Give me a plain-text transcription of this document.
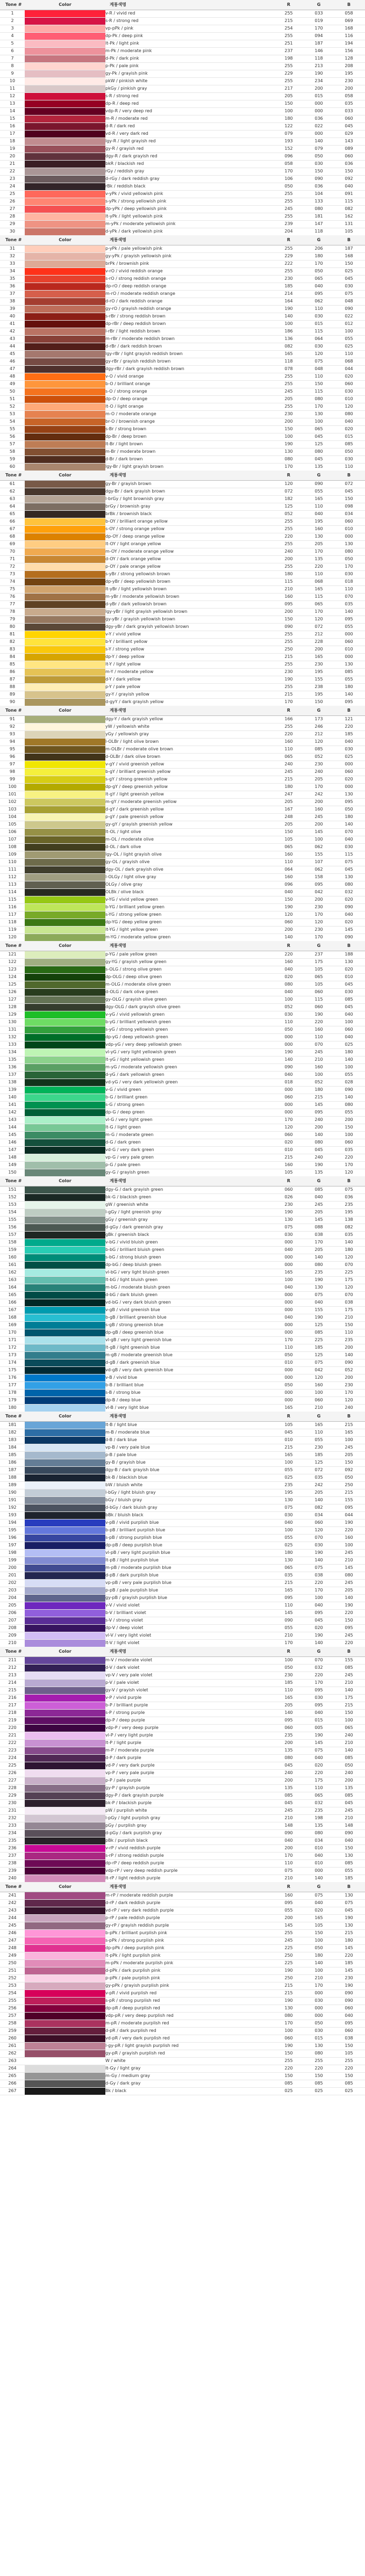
Tone #	Color	계통색명	R	G	B	
1		v-R / vivid red	255	033	058	
2		s-R / strong red	215	019	069	
3		vp-pPk / pink	254	170	168	
4		dp-Pk / deep pink	255	094	116	
5		lt-Pk / light pink	251	187	194	
6		m-Pk / moderate pink	237	146	156	
7		d-Pk / dark pink	198	118	128	
8		p-Pk / pale pink	255	213	208	
9		gy-Pk / grayish pink	229	190	195	
10		pkW / pinkish white	255	234	230	
11		pkGy / pinkish gray	217	200	200	
12		s-R / strong red	205	015	058	
13		dp-R / deep red	150	000	035	
14		vdp-R / very deep red	100	000	033	
15		m-R / moderate red	180	036	060	
16		d-R / dark red	122	022	045	
17		vd-R / very dark red	079	000	029	
18		lgy-R / light grayish red	193	140	143	
19		gy-R / grayish red	152	079	089	
20		dgy-R / dark grayish red	096	050	060	
21		bkR / blackish red	058	030	036	
22		rGy / reddish gray	170	150	150	
23		d-rGy / dark reddish gray	106	090	092	
24		rBk / reddish black	050	036	040	
25		v-yPk / vivid yellowish pink	255	104	091	
26		s-yPk / strong yellowish pink	255	133	115	
27		dp-yPk / deep yellowish pink	245	080	082	
28		lt-yPk / light yellowish pink	255	181	162	
29		m-yPk / moderate yellowish pink	239	147	131	
30		d-yPk / dark yellowish pink	204	118	105	
Tone #	Color	계통색명	R	G	B	
31		p-yPk / pale yellowish pink	255	206	187	
32		gy-yPk / grayish yellowish pink	229	180	168	
33		brPk / brownish pink	222	170	150	
34		v-rO / vivid reddish orange	255	050	025	
35		s-rO / strong reddish orange	230	065	045	
36		dp-rO / deep reddish orange	185	040	030	
37		m-rO / moderate reddish orange	214	095	075	
38		d-rO / dark reddish orange	164	062	048	
39		gy-rO / grayish reddish orange	190	110	090	
40		s-rBr / strong reddish brown	140	030	022	
41		dp-rBr / deep reddish brown	100	015	012	
42		l-rBr / light reddish brown	186	115	100	
43		m-rBr / moderate reddish brown	136	064	055	
44		d-rBr / dark reddish brown	082	030	025	
45		lgy-rBr / light grayish reddish brown	165	120	110	
46		gy-rBr / grayish reddish brown	118	075	068	
47		dgy-rBr / dark grayish reddish brown	078	048	044	
48		v-O / vivid orange	255	110	020	
49		b-O / brilliant orange	255	150	060	
50		s-O / strong orange	245	115	030	
51		dp-O / deep orange	205	080	010	
52		lt-O / light orange	255	170	120	
53		m-O / moderate orange	230	130	080	
54		br-O / brownish orange	200	100	040	
55		s-Br / strong brown	150	065	020	
56		dp-Br / deep brown	100	045	015	
57		lt-Br / light brown	190	125	085	
58		m-Br / moderate brown	130	080	050	
59		d-Br / dark brown	080	045	030	
60		lgy-Br / light grayish brown	170	135	110	
Tone #	Color	계통색명	R	G	B	
61		gy-Br / grayish brown	120	090	072	
62		dgy-Br / dark grayish brown	072	055	045	
63		l-brGy / light brownish gray	182	165	150	
64		brGy / brownish gray	125	110	098	
65		brBk / brownish black	052	040	034	
66		b-OY / brilliant orange yellow	255	195	060	
67		s-OY / strong orange yellow	255	160	010	
68		dp-OY / deep orange yellow	220	130	000	
69		lt-OY / light orange yellow	255	205	130	
70		m-OY / moderate orange yellow	240	170	080	
71		d-OY / dark orange yellow	200	135	050	
72		p-OY / pale orange yellow	255	220	170	
73		s-yBr / strong yellowish brown	180	110	030	
74		dp-yBr / deep yellowish brown	115	068	018	
75		lt-yBr / light yellowish brown	210	165	110	
76		m-yBr / moderate yellowish brown	160	115	070	
77		d-yBr / dark yellowish brown	095	065	035	
78		lgy-yBr / light grayish yellowish brown	200	170	140	
79		gy-yBr / grayish yellowish brown	150	120	095	
80		dgy-yBr / dark grayish yellowish brown	090	072	055	
81		v-Y / vivid yellow	255	212	000	
82		b-Y / brilliant yellow	255	228	060	
83		s-Y / strong yellow	250	200	010	
84		dp-Y / deep yellow	215	165	000	
85		lt-Y / light yellow	255	230	130	
86		m-Y / moderate yellow	230	195	085	
87		d-Y / dark yellow	190	155	055	
88		p-Y / pale yellow	255	238	180	
89		gy-Y / grayish yellow	215	195	140	
90		d-gyY / dark grayish yellow	170	150	095	
Tone #	Color	계통색명	R	G	B	
91		dgy-Y / dark grayish yellow	166	173	121	
92		yW / yellowish white	255	246	220	
93		yGy / yellowish gray	220	212	185	
94		l-OLBr / light olive brown	160	120	040	
95		m-OLBr / moderate olive brown	110	085	030	
96		d-OLBr / dark olive brown	065	052	025	
97		v-gY / vivid greenish yellow	240	230	000	
98		b-gY / brilliant greenish yellow	245	240	060	
99		s-gY / strong greenish yellow	215	205	020	
100		dp-gY / deep greenish yellow	180	170	000	
101		lt-gY / light greenish yellow	247	242	130	
102		m-gY / moderate greenish yellow	205	200	095	
103		d-gY / dark greenish yellow	167	160	050	
104		p-gY / pale greenish yellow	248	245	180	
105		gy-gY / grayish greenish yellow	205	200	140	
106		lt-OL / light olive	150	145	070	
107		m-OL / moderate olive	105	100	040	
108		d-OL / dark olive	065	062	030	
109		lgy-OL / light grayish olive	160	155	115	
110		gy-OL / grayish olive	110	107	075	
111		dgy-OL / dark grayish olive	064	062	045	
112		l-OLGy / light olive gray	160	158	130	
113		OLGy / olive gray	096	095	080	
114		OLBk / olive black	040	042	032	
115		v-YG / vivid yellow green	150	200	020	
116		b-YG / brilliant yellow green	190	230	090	
117		s-YG / strong yellow green	120	170	040	
118		dp-YG / deep yellow green	060	120	020	
119		lt-YG / light yellow green	200	230	145	
120		m-YG / moderate yellow green	140	170	090	
Tone #	Color	계통색명	R	G	B	
121		p-YG / pale yellow green	220	237	188	
122		gy-YG / grayish yellow green	160	175	130	
123		s-OLG / strong olive green	040	105	020	
124		dp-OLG / deep olive green	020	065	010	
125		m-OLG / moderate olive green	080	105	045	
126		d-OLG / dark olive green	040	060	030	
127		gy-OLG / grayish olive green	100	115	085	
128		dgy-OLG / dark grayish olive green	052	060	045	
129		v-yG / vivid yellowish green	030	190	040	
130		b-yG / brilliant yellowish green	110	220	100	
131		s-yG / strong yellowish green	050	160	060	
132		dp-yG / deep yellowish green	000	110	040	
133		vdp-yG / very deep yellowish green	000	070	025	
134		vl-yG / very light yellowish green	190	245	180	
135		lt-yG / light yellowish green	140	210	140	
136		m-yG / moderate yellowish green	090	160	100	
137		d-yG / dark yellowish green	040	100	055	
138		vd-yG / very dark yellowish green	018	052	028	
139		v-G / vivid green	000	180	090	
140		b-G / brilliant green	060	215	140	
141		s-G / strong green	000	145	080	
142		dp-G / deep green	000	095	055	
143		vl-G / very light green	170	240	200	
144		lt-G / light green	120	200	150	
145		m-G / moderate green	060	140	100	
146		d-G / dark green	020	080	060	
147		vd-G / very dark green	010	045	035	
148		vp-G / very pale green	215	240	220	
149		p-G / pale green	160	190	170	
150		gy-G / grayish green	105	135	120	
Tone #	Color	계통색명	R	G	B	
151		dgy-G / dark grayish green	060	085	075	
152		bk-G / blackish green	026	040	036	
153		gW / greenish white	230	245	235	
154		l-gGy / light greenish gray	190	205	195	
155		gGy / greenish gray	130	145	138	
156		d-gGy / dark greenish gray	075	088	082	
157		gBk / greenish black	030	038	035	
158		v-bG / vivid bluish green	000	170	140	
159		b-bG / brilliant bluish green	040	205	180	
160		s-bG / strong bluish green	000	140	120	
161		dp-bG / deep bluish green	000	080	070	
162		vl-bG / very light bluish green	165	235	225	
163		lt-bG / light bluish green	100	190	175	
164		m-bG / moderate bluish green	040	130	120	
165		d-bG / dark bluish green	000	075	070	
166		vd-bG / very dark bluish green	000	040	038	
167		v-gB / vivid greenish blue	000	155	175	
168		b-gB / brilliant greenish blue	040	190	210	
169		s-gB / strong greenish blue	000	125	150	
170		dp-gB / deep greenish blue	000	085	110	
171		vl-gB / very light greenish blue	170	225	235	
172		lt-gB / light greenish blue	110	185	200	
173		m-gB / moderate greenish blue	050	125	140	
174		d-gB / dark greenish blue	010	075	090	
175		vd-gB / very dark greenish blue	000	042	052	
176		v-B / vivid blue	000	120	200	
177		b-B / brilliant blue	050	160	230	
178		s-B / strong blue	000	100	170	
179		dp-B / deep blue	000	060	120	
180		vl-B / very light blue	165	210	240	
Tone #	Color	계통색명	R	G	B	
181		lt-B / light blue	105	165	215	
182		m-B / moderate blue	045	110	165	
183		d-B / dark blue	010	055	100	
184		vp-B / very pale blue	215	230	245	
185		p-B / pale blue	165	185	205	
186		gy-B / grayish blue	100	125	150	
187		dgy-B / dark grayish blue	055	072	092	
188		bk-B / blackish blue	025	035	050	
189		bW / bluish white	235	242	250	
190		l-bGy / light bluish gray	195	205	215	
191		bGy / bluish gray	130	140	155	
192		d-bGy / dark bluish gray	075	082	095	
193		bBk / bluish black	030	034	044	
194		v-pB / vivid purplish blue	040	060	190	
195		b-pB / brilliant purplish blue	100	120	220	
196		s-pB / strong purplish blue	055	070	160	
197		dp-pB / deep purplish blue	025	030	100	
198		vl-pB / very light purplish blue	180	190	245	
199		lt-pB / light purplish blue	130	140	210	
200		m-pB / moderate purplish blue	065	075	145	
201		d-pB / dark purplish blue	035	038	080	
202		vp-pB / very pale purplish blue	215	220	245	
203		p-pB / pale purplish blue	165	170	205	
204		gy-pB / grayish purplish blue	095	100	140	
205		v-V / vivid violet	110	040	190	
206		b-V / brilliant violet	145	095	220	
207		s-V / strong violet	090	045	150	
208		dp-V / deep violet	055	020	095	
209		vl-V / very light violet	210	190	245	
210		lt-V / light violet	170	140	220	
Tone #	Color	계통색명	R	G	B	
211		m-V / moderate violet	100	070	155	
212		d-V / dark violet	050	032	085	
213		vp-V / very pale violet	230	220	245	
214		p-V / pale violet	185	170	210	
215		gy-V / grayish violet	110	095	140	
216		v-P / vivid purple	165	030	175	
217		b-P / brilliant purple	205	095	215	
218		s-P / strong purple	140	040	150	
219		dp-P / deep purple	095	015	100	
220		vdp-P / very deep purple	060	005	065	
221		vl-P / very light purple	235	190	240	
222		lt-P / light purple	200	145	210	
223		m-P / moderate purple	135	075	140	
224		d-P / dark purple	080	040	085	
225		vd-P / very dark purple	045	020	050	
226		vp-P / very pale purple	240	220	240	
227		p-P / pale purple	200	175	200	
228		gy-P / grayish purple	135	110	135	
229		dgy-P / dark grayish purple	085	065	085	
230		bk-P / blackish purple	045	032	045	
231		pW / purplish white	245	235	245	
232		l-pGy / light purplish gray	210	198	210	
233		pGy / purplish gray	148	135	148	
234		d-pGy / dark purplish gray	090	080	090	
235		pBk / purplish black	040	034	040	
236		v-rP / vivid reddish purple	200	010	150	
237		s-rP / strong reddish purple	170	040	130	
238		dp-rP / deep reddish purple	110	010	085	
239		vdp-rP / very deep reddish purple	075	000	055	
240		lt-rP / light reddish purple	210	140	185	
Tone #	Color	계통색명	R	G	B	
241		m-rP / moderate reddish purple	160	075	130	
242		d-rP / dark reddish purple	095	040	075	
243		vd-rP / very dark reddish purple	055	020	045	
244		p-rP / pale reddish purple	200	165	190	
245		gy-rP / grayish reddish purple	145	105	130	
246		b-pPk / brilliant purplish pink	255	150	215	
247		s-pPk / strong purplish pink	245	100	180	
248		dp-pPk / deep purplish pink	225	050	145	
249		lt-pPk / light purplish pink	250	180	220	
250		m-pPk / moderate purplish pink	225	140	185	
251		d-pPk / dark purplish pink	190	100	145	
252		p-pPk / pale purplish pink	250	210	230	
253		gy-pPk / grayish purplish pink	215	170	190	
254		v-pR / vivid purplish red	215	000	090	
255		s-pR / strong purplish red	190	030	090	
256		dp-pR / deep purplish red	130	000	060	
257		vdp-pR / very deep purplish red	080	000	040	
258		m-pR / moderate purplish red	170	050	095	
259		d-pR / dark purplish red	100	030	060	
260		vd-pR / very dark purplish red	060	015	038	
261		l-gy-pR / light grayish purplish red	190	130	150	
262		gy-pR / grayish purplish red	150	080	105	
263		W / white	255	255	255	
264		lt-Gy / light gray	220	220	220	
265		m-Gy / medium gray	150	150	150	
266		d-Gy / dark gray	085	085	085	
267		Bk / black	025	025	025	
